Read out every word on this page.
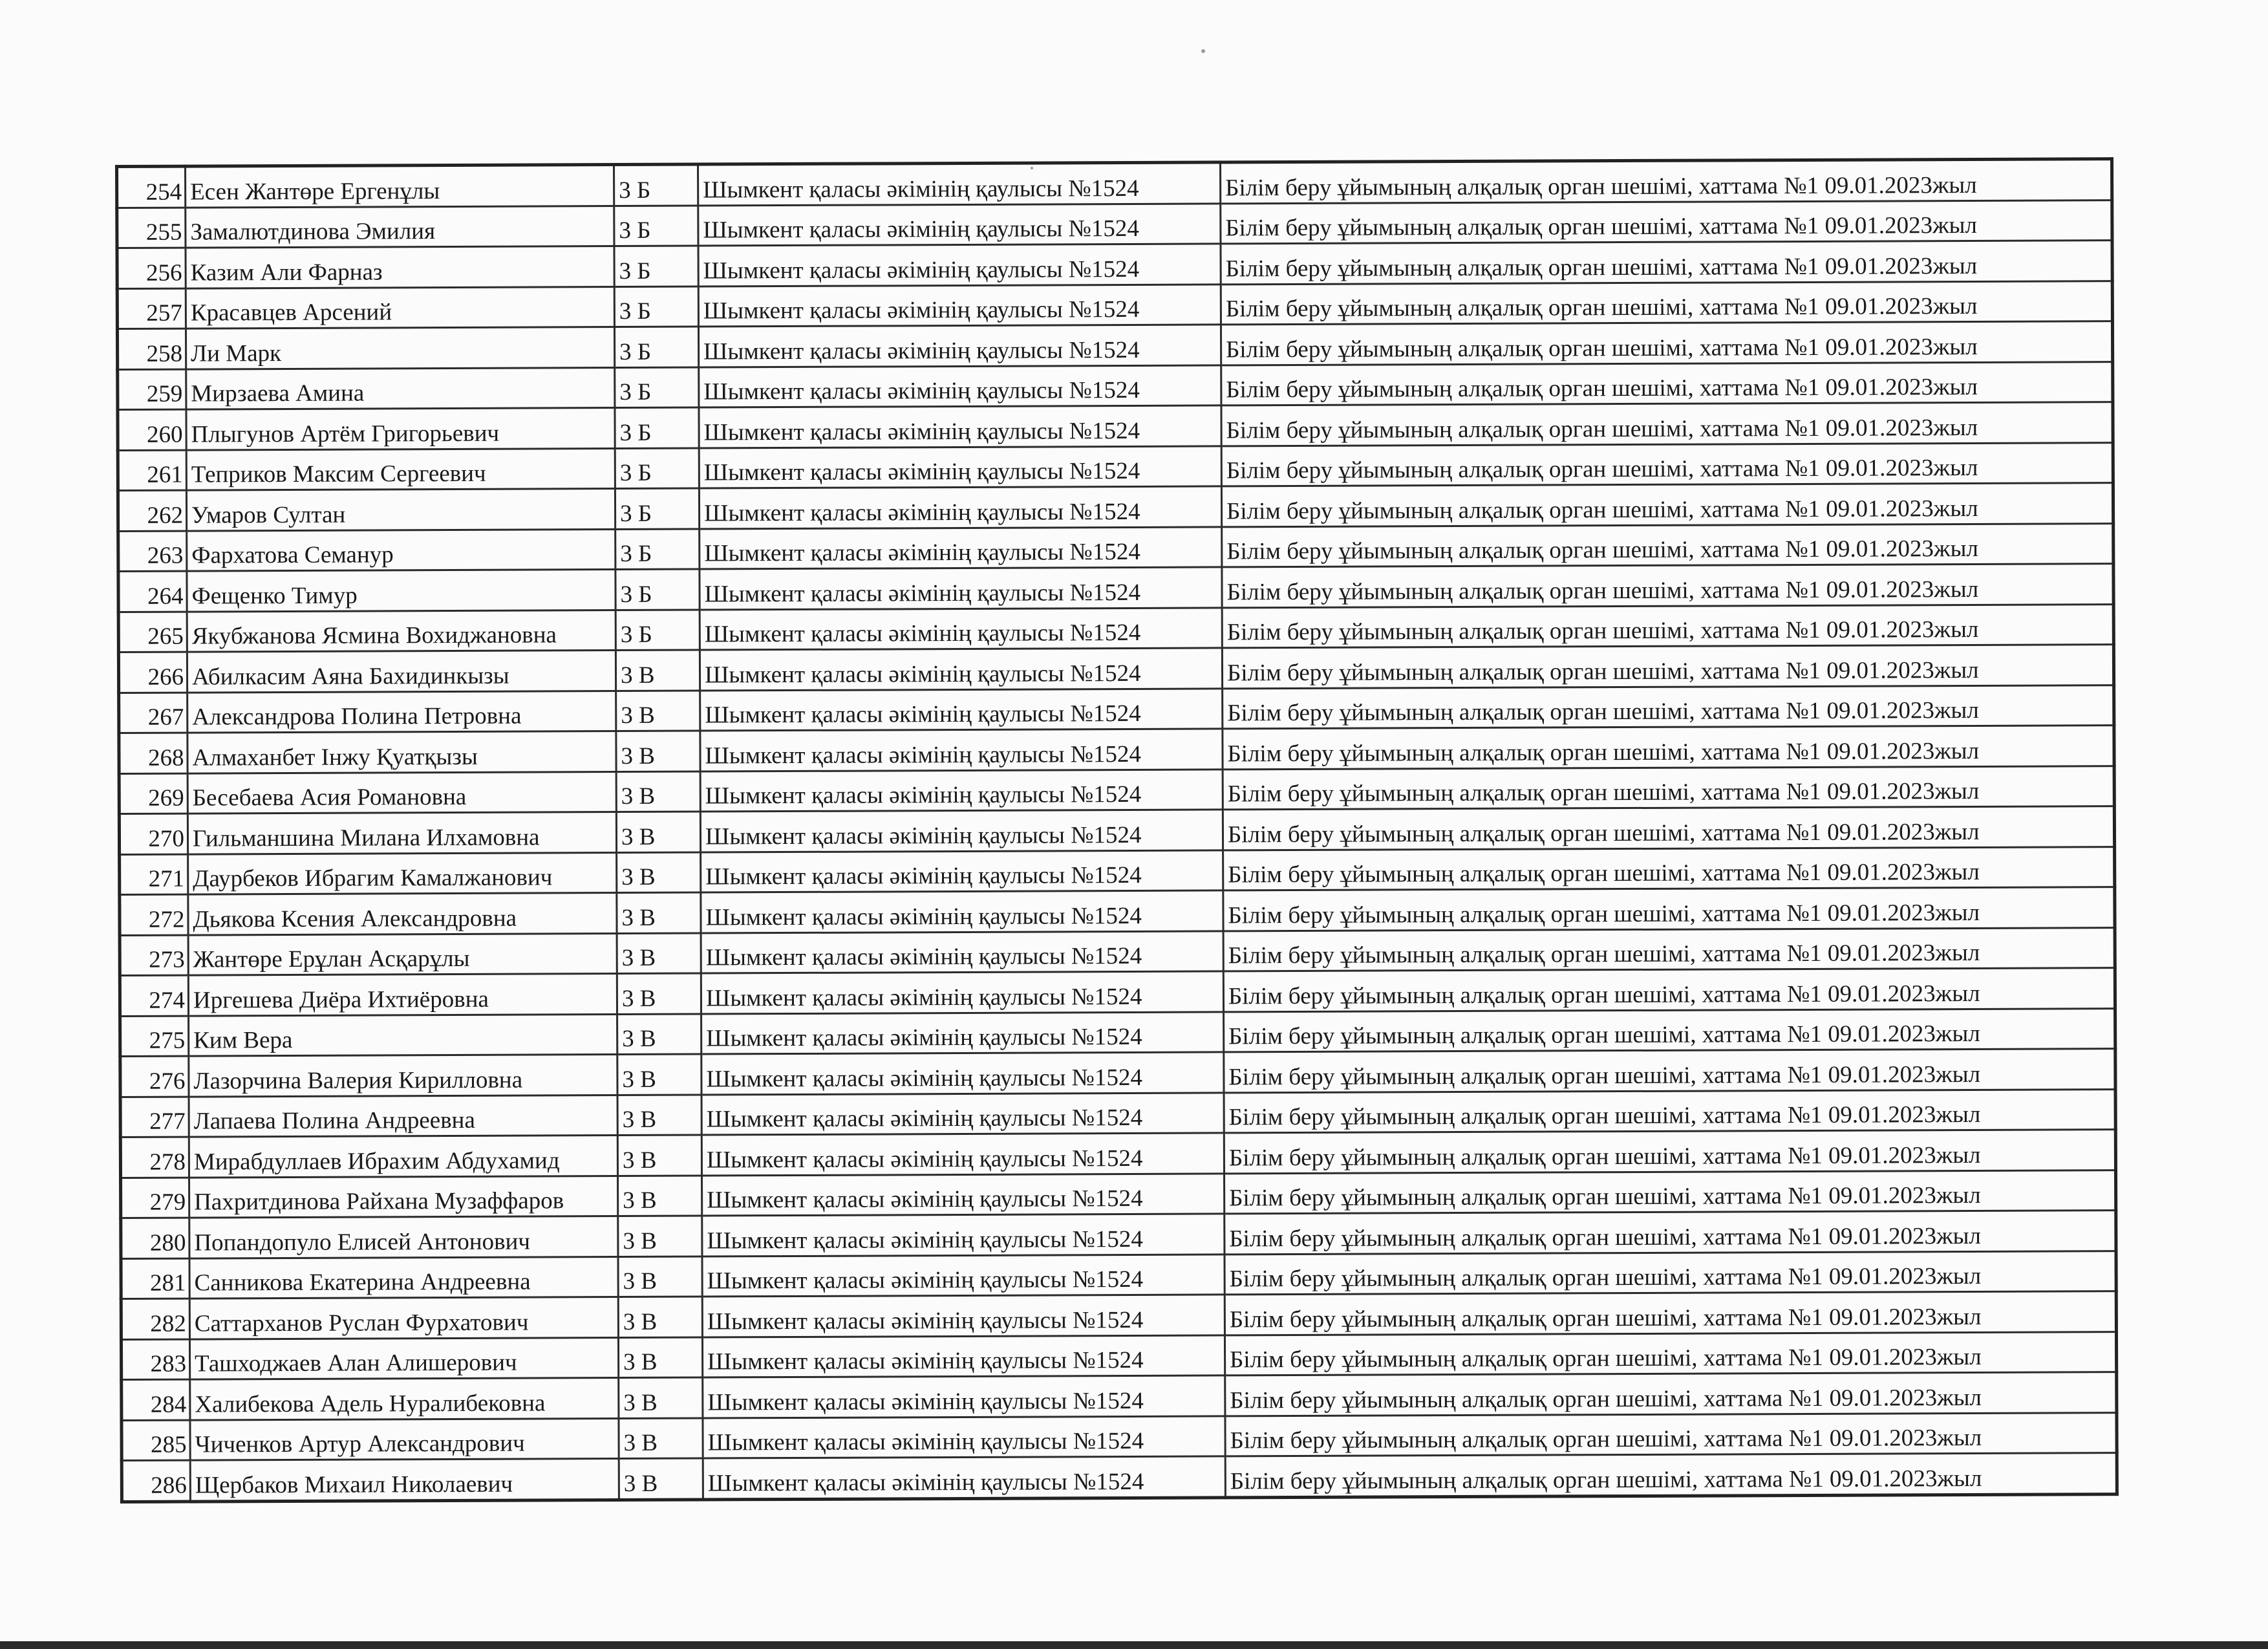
254	Есен Жантөре Ергенұлы	3 Б	Шымкент қаласы әкімінің қаулысы №1524	Білім беру ұйымының алқалық орган шешімі, хаттама №1 09.01.2023жыл
255	Замалютдинова Эмилия	3 Б	Шымкент қаласы әкімінің қаулысы №1524	Білім беру ұйымының алқалық орган шешімі, хаттама №1 09.01.2023жыл
256	Казим Али Фарназ	3 Б	Шымкент қаласы әкімінің қаулысы №1524	Білім беру ұйымының алқалық орган шешімі, хаттама №1 09.01.2023жыл
257	Красавцев Арсений	3 Б	Шымкент қаласы әкімінің қаулысы №1524	Білім беру ұйымының алқалық орган шешімі, хаттама №1 09.01.2023жыл
258	Ли Марк	3 Б	Шымкент қаласы әкімінің қаулысы №1524	Білім беру ұйымының алқалық орган шешімі, хаттама №1 09.01.2023жыл
259	Мирзаева Амина	3 Б	Шымкент қаласы әкімінің қаулысы №1524	Білім беру ұйымының алқалық орган шешімі, хаттама №1 09.01.2023жыл
260	Плыгунов Артём Григорьевич	3 Б	Шымкент қаласы әкімінің қаулысы №1524	Білім беру ұйымының алқалық орган шешімі, хаттама №1 09.01.2023жыл
261	Теприков Максим Сергеевич	3 Б	Шымкент қаласы әкімінің қаулысы №1524	Білім беру ұйымының алқалық орган шешімі, хаттама №1 09.01.2023жыл
262	Умаров Султан	3 Б	Шымкент қаласы әкімінің қаулысы №1524	Білім беру ұйымының алқалық орган шешімі, хаттама №1 09.01.2023жыл
263	Фархатова Семанур	3 Б	Шымкент қаласы әкімінің қаулысы №1524	Білім беру ұйымының алқалық орган шешімі, хаттама №1 09.01.2023жыл
264	Фещенко Тимур	3 Б	Шымкент қаласы әкімінің қаулысы №1524	Білім беру ұйымының алқалық орган шешімі, хаттама №1 09.01.2023жыл
265	Якубжанова Ясмина Вохиджановна	3 Б	Шымкент қаласы әкімінің қаулысы №1524	Білім беру ұйымының алқалық орган шешімі, хаттама №1 09.01.2023жыл
266	Абилкасим Аяна Бахидинкызы	3 В	Шымкент қаласы әкімінің қаулысы №1524	Білім беру ұйымының алқалық орган шешімі, хаттама №1 09.01.2023жыл
267	Александрова Полина Петровна	3 В	Шымкент қаласы әкімінің қаулысы №1524	Білім беру ұйымының алқалық орган шешімі, хаттама №1 09.01.2023жыл
268	Алмаханбет Інжу Қуатқызы	3 В	Шымкент қаласы әкімінің қаулысы №1524	Білім беру ұйымының алқалық орган шешімі, хаттама №1 09.01.2023жыл
269	Бесебаева Асия Романовна	3 В	Шымкент қаласы әкімінің қаулысы №1524	Білім беру ұйымының алқалық орган шешімі, хаттама №1 09.01.2023жыл
270	Гильманшина Милана Илхамовна	3 В	Шымкент қаласы әкімінің қаулысы №1524	Білім беру ұйымының алқалық орган шешімі, хаттама №1 09.01.2023жыл
271	Даурбеков Ибрагим Камалжанович	3 В	Шымкент қаласы әкімінің қаулысы №1524	Білім беру ұйымының алқалық орган шешімі, хаттама №1 09.01.2023жыл
272	Дьякова Ксения Александровна	3 В	Шымкент қаласы әкімінің қаулысы №1524	Білім беру ұйымының алқалық орган шешімі, хаттама №1 09.01.2023жыл
273	Жантөре Ерұлан Асқарұлы	3 В	Шымкент қаласы әкімінің қаулысы №1524	Білім беру ұйымының алқалық орган шешімі, хаттама №1 09.01.2023жыл
274	Иргешева Диёра Ихтиёровна	3 В	Шымкент қаласы әкімінің қаулысы №1524	Білім беру ұйымының алқалық орган шешімі, хаттама №1 09.01.2023жыл
275	Ким Вера	3 В	Шымкент қаласы әкімінің қаулысы №1524	Білім беру ұйымының алқалық орган шешімі, хаттама №1 09.01.2023жыл
276	Лазорчина Валерия Кирилловна	3 В	Шымкент қаласы әкімінің қаулысы №1524	Білім беру ұйымының алқалық орган шешімі, хаттама №1 09.01.2023жыл
277	Лапаева Полина Андреевна	3 В	Шымкент қаласы әкімінің қаулысы №1524	Білім беру ұйымының алқалық орган шешімі, хаттама №1 09.01.2023жыл
278	Мирабдуллаев Ибрахим Абдухамид	3 В	Шымкент қаласы әкімінің қаулысы №1524	Білім беру ұйымының алқалық орган шешімі, хаттама №1 09.01.2023жыл
279	Пахритдинова Райхана Музаффаров	3 В	Шымкент қаласы әкімінің қаулысы №1524	Білім беру ұйымының алқалық орган шешімі, хаттама №1 09.01.2023жыл
280	Попандопуло Елисей Антонович	3 В	Шымкент қаласы әкімінің қаулысы №1524	Білім беру ұйымының алқалық орган шешімі, хаттама №1 09.01.2023жыл
281	Санникова Екатерина Андреевна	3 В	Шымкент қаласы әкімінің қаулысы №1524	Білім беру ұйымының алқалық орган шешімі, хаттама №1 09.01.2023жыл
282	Саттарханов Руслан Фурхатович	3 В	Шымкент қаласы әкімінің қаулысы №1524	Білім беру ұйымының алқалық орган шешімі, хаттама №1 09.01.2023жыл
283	Ташходжаев Алан Алишерович	3 В	Шымкент қаласы әкімінің қаулысы №1524	Білім беру ұйымының алқалық орган шешімі, хаттама №1 09.01.2023жыл
284	Халибекова Адель Нуралибековна	3 В	Шымкент қаласы әкімінің қаулысы №1524	Білім беру ұйымының алқалық орган шешімі, хаттама №1 09.01.2023жыл
285	Чиченков Артур Александрович	3 В	Шымкент қаласы әкімінің қаулысы №1524	Білім беру ұйымының алқалық орган шешімі, хаттама №1 09.01.2023жыл
286	Щербаков Михаил Николаевич	3 В	Шымкент қаласы әкімінің қаулысы №1524	Білім беру ұйымының алқалық орган шешімі, хаттама №1 09.01.2023жыл
